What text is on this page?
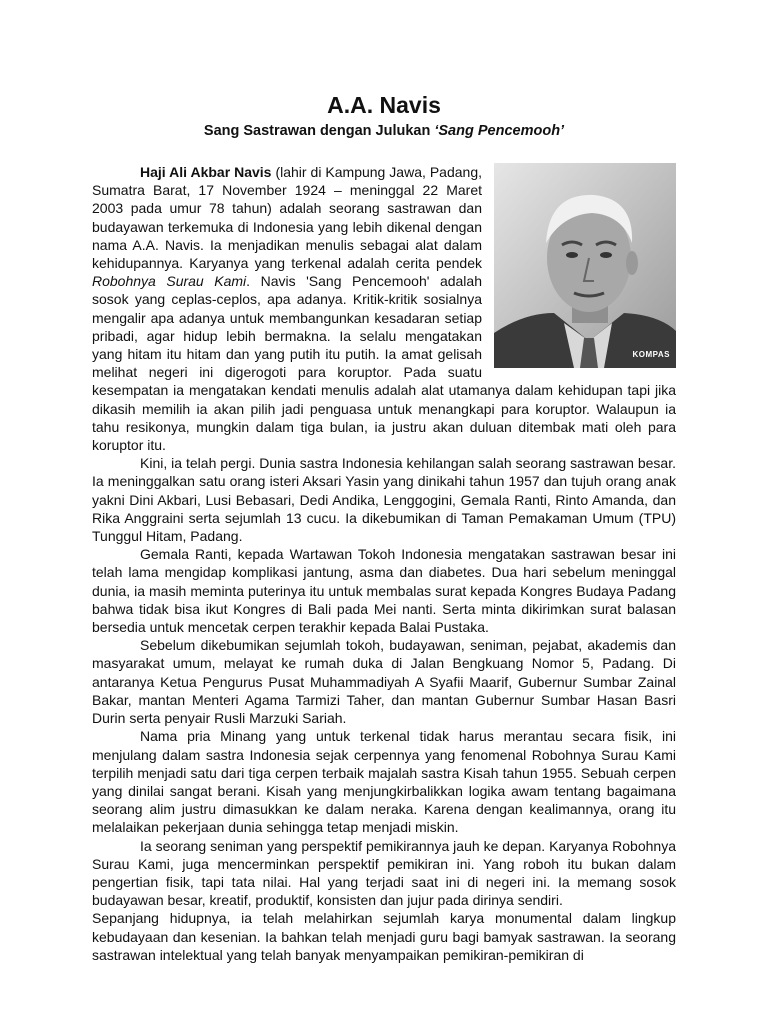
A.A. Navis
Sang Sastrawan dengan Julukan ‘Sang Pencemooh’
KOMPAS

Haji Ali Akbar Navis (lahir di Kampung Jawa, Padang, Sumatra Barat, 17 November 1924 – meninggal 22 Maret 2003 pada umur 78 tahun) adalah seorang sastrawan dan budayawan terkemuka di Indonesia yang lebih dikenal dengan nama A.A. Navis. Ia menjadikan menulis sebagai alat dalam kehidupannya. Karyanya yang terkenal adalah cerita pendek Robohnya Surau Kami. Navis 'Sang Pencemooh' adalah sosok yang ceplas-ceplos, apa adanya. Kritik-kritik sosialnya mengalir apa adanya untuk membangunkan kesadaran setiap pribadi, agar hidup lebih bermakna. Ia selalu mengatakan yang hitam itu hitam dan yang putih itu putih. Ia amat gelisah melihat negeri ini digerogoti para koruptor. Pada suatu kesempatan ia mengatakan kendati menulis adalah alat utamanya dalam kehidupan tapi jika dikasih memilih ia akan pilih jadi penguasa untuk menangkapi para koruptor. Walaupun ia tahu resikonya, mungkin dalam tiga bulan, ia justru akan duluan ditembak mati oleh para koruptor itu.

Kini, ia telah pergi. Dunia sastra Indonesia kehilangan salah seorang sastrawan besar. Ia meninggalkan satu orang isteri Aksari Yasin yang dinikahi tahun 1957 dan tujuh orang anak yakni Dini Akbari, Lusi Bebasari, Dedi Andika, Lenggogini, Gemala Ranti, Rinto Amanda, dan Rika Anggraini serta sejumlah 13 cucu. Ia dikebumikan di Taman Pemakaman Umum (TPU) Tunggul Hitam, Padang.

Gemala Ranti, kepada Wartawan Tokoh Indonesia mengatakan sastrawan besar ini telah lama mengidap komplikasi jantung, asma dan diabetes. Dua hari sebelum meninggal dunia, ia masih meminta puterinya itu untuk membalas surat kepada Kongres Budaya Padang bahwa tidak bisa ikut Kongres di Bali pada Mei nanti. Serta minta dikirimkan surat balasan bersedia untuk mencetak cerpen terakhir kepada Balai Pustaka.

Sebelum dikebumikan sejumlah tokoh, budayawan, seniman, pejabat, akademis dan masyarakat umum, melayat ke rumah duka di Jalan Bengkuang Nomor 5, Padang. Di antaranya Ketua Pengurus Pusat Muhammadiyah A Syafii Maarif, Gubernur Sumbar Zainal Bakar, mantan Menteri Agama Tarmizi Taher, dan mantan Gubernur Sumbar Hasan Basri Durin serta penyair Rusli Marzuki Sariah.

Nama pria Minang yang untuk terkenal tidak harus merantau secara fisik, ini menjulang dalam sastra Indonesia sejak cerpennya yang fenomenal Robohnya Surau Kami terpilih menjadi satu dari tiga cerpen terbaik majalah sastra Kisah tahun 1955. Sebuah cerpen yang dinilai sangat berani. Kisah yang menjungkirbalikkan logika awam tentang bagaimana seorang alim justru dimasukkan ke dalam neraka. Karena dengan kealimannya, orang itu melalaikan pekerjaan dunia sehingga tetap menjadi miskin.

Ia seorang seniman yang perspektif pemikirannya jauh ke depan. Karyanya Robohnya Surau Kami, juga mencerminkan perspektif pemikiran ini. Yang roboh itu bukan dalam pengertian fisik, tapi tata nilai. Hal yang terjadi saat ini di negeri ini. Ia memang sosok budayawan besar, kreatif, produktif, konsisten dan jujur pada dirinya sendiri.

Sepanjang hidupnya, ia telah melahirkan sejumlah karya monumental dalam lingkup kebudayaan dan kesenian. Ia bahkan telah menjadi guru bagi bamyak sastrawan. Ia seorang sastrawan intelektual yang telah banyak menyampaikan pemikiran-pemikiran di
